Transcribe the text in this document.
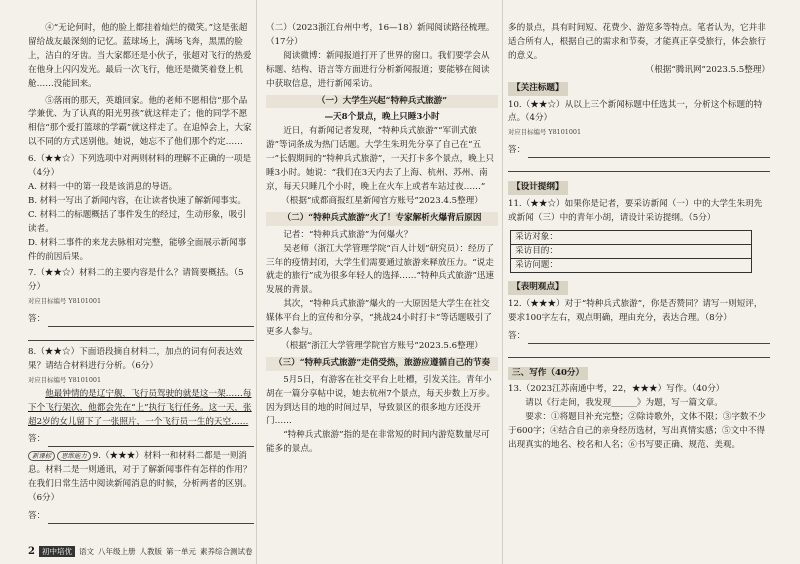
④“无论何时，他的脸上都挂着灿烂的微笑。”这是张超留给战友最深刻的记忆。蓝球场上，满场飞奔，黑黑的脸上，洁白的牙齿。当大家都还是小伙子，张超对飞行的热爱在他身上闪闪发光。最后一次飞行，他还是微笑着登上机舱……没能回来。

⑤落雨的那天，英雄回家。他的老师不愿相信“那个品学兼优、为了认真的阳光男孩”就这样走了；他的同学不愿相信“那个爱打篮球的学霸”就这样走了。在追悼会上，大家以不同的方式送别他。她说，她忘不了他们那个约定……

6.（★★☆）下列选项中对两则材料的理解不正确的一项是（4分）

A. 材料一中的第一段是该消息的导语。

B. 材料一写出了新闻内容，在让读者快速了解新闻事实。

C. 材料二的标题概括了事件发生的经过，生动形象，吸引读者。

D. 材料二事件的来龙去脉相对完整，能够全面展示新闻事件的前因后果。

7.（★★☆）材料二的主要内容是什么？请简要概括。（5分）

对应目标编号 Y8101001

答：

8.（★★☆）下面语段摘自材料二，加点的词有何表达效果？请结合材料进行分析。（6分）

对应目标编号 Y8101001

他最钟情的是辽宁舰，飞行员驾驶的就是这一架……每下个飞行架次，他都会先在“上”执行飞行任务。这一天，张超2岁的女儿留下了一张照片，一个飞行员一生的天空……

答：

新课标 思维能力 9.（★★★）材料一和材料二都是一则消息。材料二是一则通讯，对于了解新闻事件有怎样的作用？在我们日常生活中阅读新闻消息的时候，分析两者的区别。（6分）

答：

（二）（2023浙江台州中考，16—18）新闻阅读路径梳理。（17分）

阅读微博：新闻报道打开了世界的窗口。我们要学会从标题、结构、语言等方面进行分析新闻报道；要能够在阅读中获取信息，进行新闻采访。

（一）大学生兴起“特种兵式旅游”

—天8个景点，晚上只睡3小时

近日，有新闻记者发现，“特种兵式旅游”“军训式旅游”等词条成为热门话题。大学生朱玥先分享了自己在“五一”长假期间的“特种兵式旅游”，一天打卡多个景点，晚上只睡3小时。她说：“我们在3天内去了上海、杭州、苏州、南京，每天只睡几个小时，晚上在火车上或者车站过夜……”

（根据“成都商报红星新闻官方账号”2023.4.5整理）

（二）“特种兵式旅游”火了！专家解析火爆背后原因

记者：“特种兵式旅游”为何爆火？

吴老师（浙江大学管理学院“百人计划”研究员）：经历了三年的疫情封闭，大学生们需要通过旅游来释放压力。“说走就走的旅行”成为很多年轻人的选择……“特种兵式旅游”迅速发展的背景。

其次，“特种兵式旅游”爆火的一大原因是大学生在社交媒体平台上的宣传和分享，“挑战24小时打卡”等话题吸引了更多人参与。

（根据“浙江大学管理学院官方账号”2023.5.6整理）

（三）“特种兵式旅游”走俏受热，旅游应遵循自己的节奏

5月5日，有游客在社交平台上吐槽，引发关注。青年小胡在一篇分享帖中说，她去杭州7个景点，每天步数上万步。因为到达目的地的时间过早，导致景区的很多地方还没开门……

“特种兵式旅游”指的是在非常短的时间内游览数量尽可能多的景点。

多的景点，具有时间短、花费少、游览多等特点。笔者认为，它并非适合所有人，根据自己的需求和节奏，才能真正享受旅行，体会旅行的意义。

（根据“腾讯网”2023.5.5整理）

【关注标题】

10.（★★☆）从以上三个新闻标题中任选其一，分析这个标题的特点。（4分）

对应目标编号 Y8101001

答：
【设计提纲】

11.（★★☆）如果你是记者，要采访新闻（一）中的大学生朱玥先或新闻（三）中的青年小胡，请设计采访提纲。（5分）

采访对象：
采访目的：
采访问题：
【表明观点】

12.（★★★）对于“特种兵式旅游”，你是否赞同？请写一则短评，要求100字左右，观点明确，理由充分，表达合理。（8分）

答：
三、写作（40分）

13.（2023江苏南通中考，22，★★★）写作。（40分）

请以《行走间，我发现______》为题，写一篇文章。

要求：①将题目补充完整；②除诗歌外，文体不限；③字数不少于600字；④结合自己的亲身经历选材，写出真情实感；⑤文中不得出现真实的地名、校名和人名；⑥书写要正确、规范、美观。

2 初中培优 语文 八年级上册 人教版 第一单元 素养综合测试卷
